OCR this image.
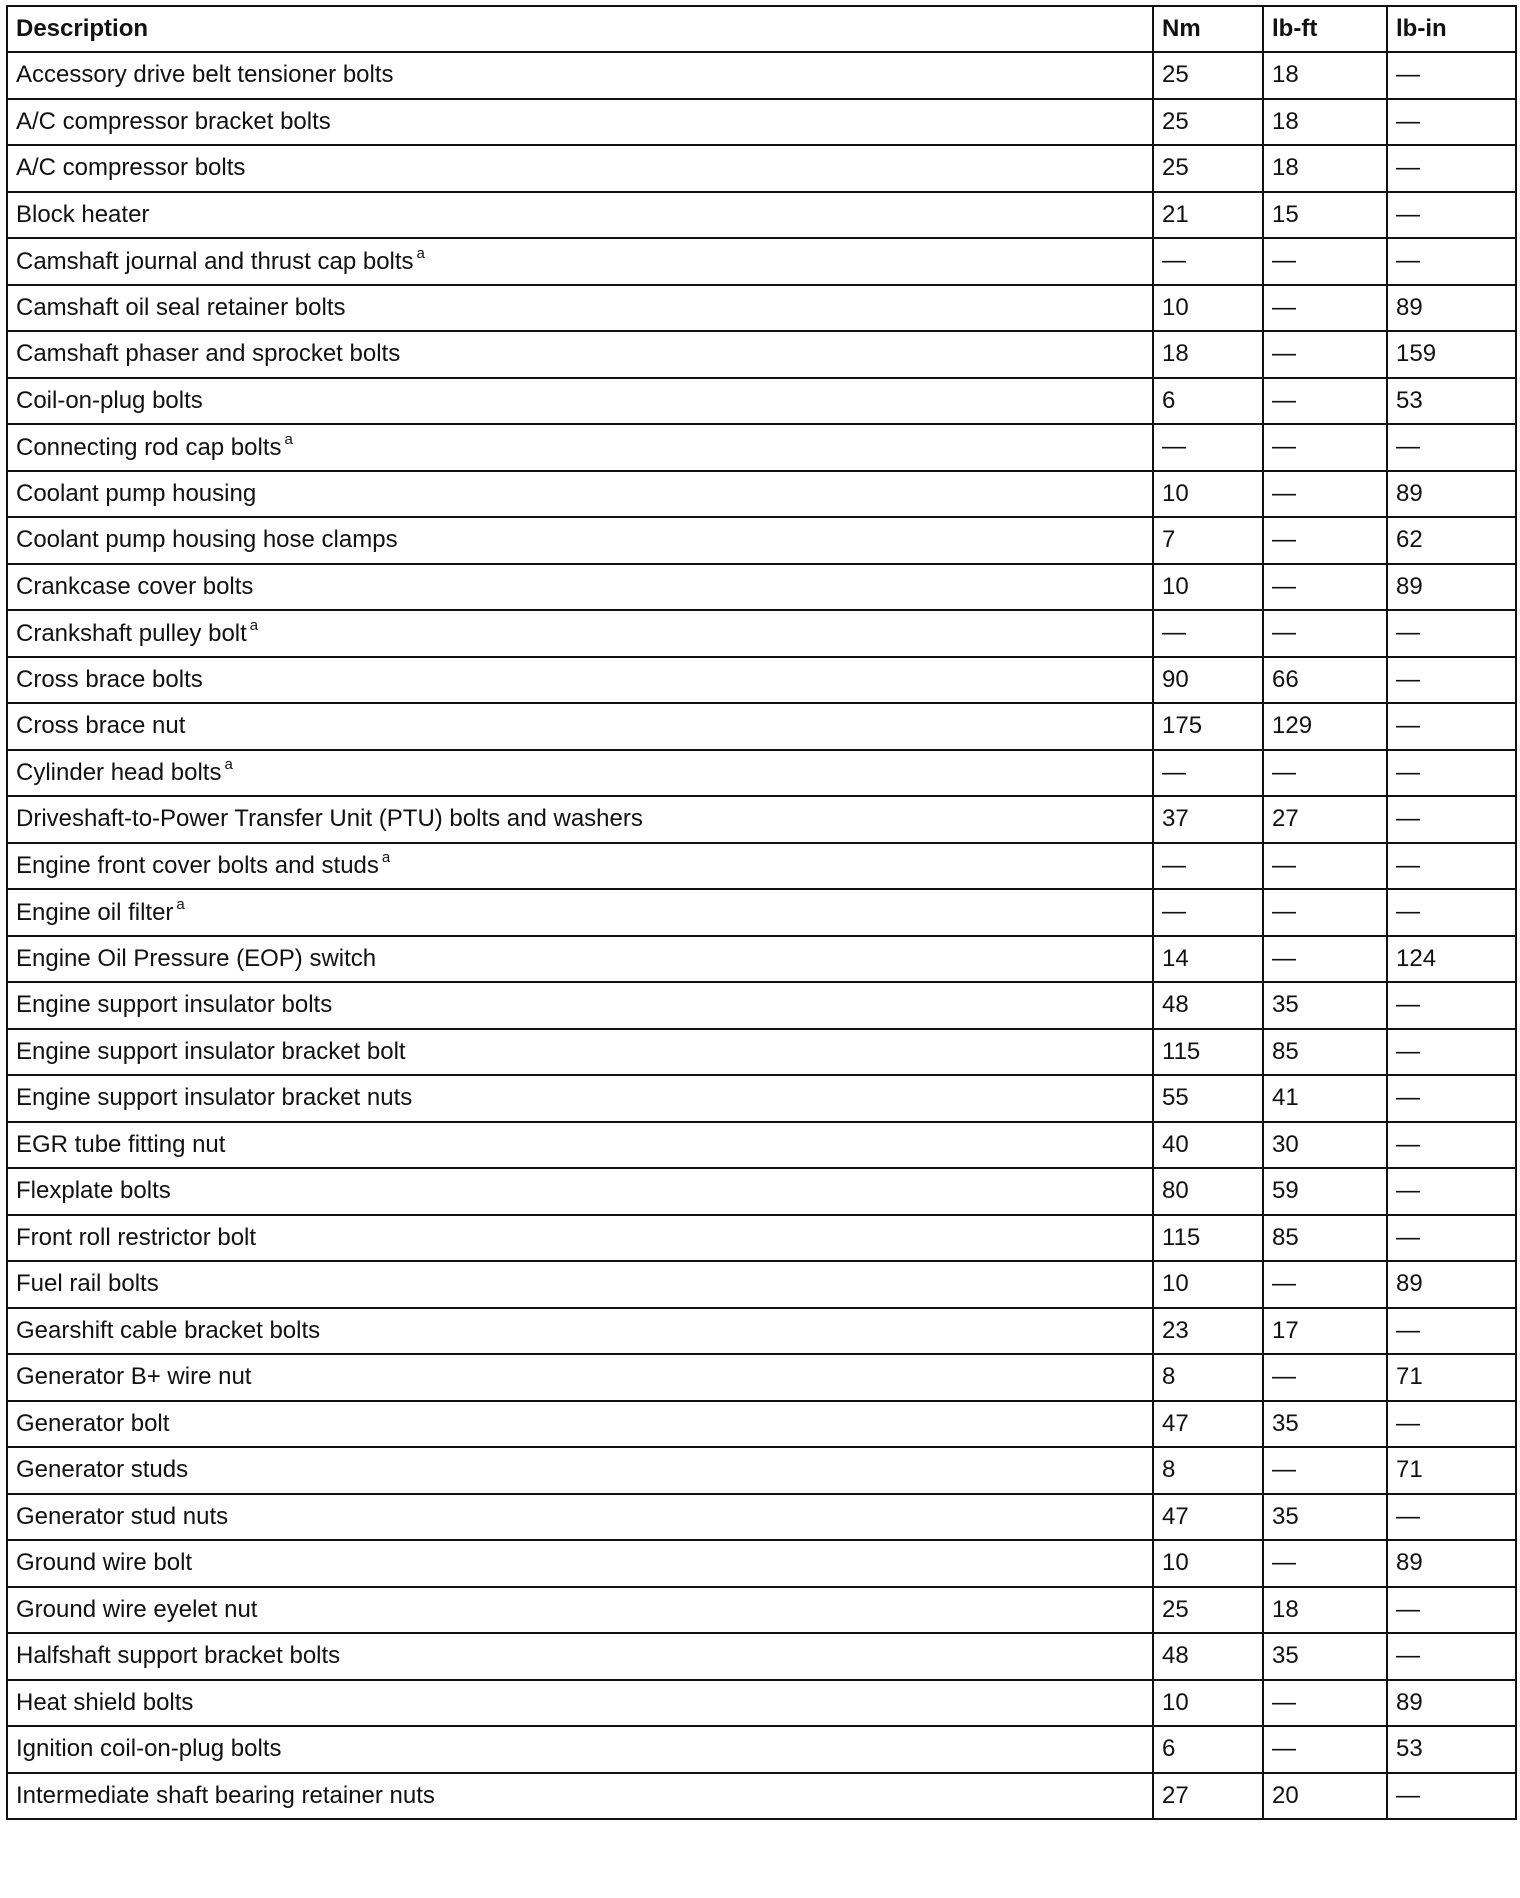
Description	Nm	lb-ft	lb-in
Accessory drive belt tensioner bolts	25	18	—
A/C compressor bracket bolts	25	18	—
A/C compressor bolts	25	18	—
Block heater	21	15	—
Camshaft journal and thrust cap bolts $^a$	—	—	—
Camshaft oil seal retainer bolts	10	—	89
Camshaft phaser and sprocket bolts	18	—	159
Coil-on-plug bolts	6	—	53
Connecting rod cap bolts $^a$	—	—	—
Coolant pump housing	10	—	89
Coolant pump housing hose clamps	7	—	62
Crankcase cover bolts	10	—	89
Crankshaft pulley bolt $^a$	—	—	—
Cross brace bolts	90	66	—
Cross brace nut	175	129	—
Cylinder head bolts $^a$	—	—	—
Driveshaft-to-Power Transfer Unit (PTU) bolts and washers	37	27	—
Engine front cover bolts and studs $^a$	—	—	—
Engine oil filter $^a$	—	—	—
Engine Oil Pressure (EOP) switch	14	—	124
Engine support insulator bolts	48	35	—
Engine support insulator bracket bolt	115	85	—
Engine support insulator bracket nuts	55	41	—
EGR tube fitting nut	40	30	—
Flexplate bolts	80	59	—
Front roll restrictor bolt	115	85	—
Fuel rail bolts	10	—	89
Gearshift cable bracket bolts	23	17	—
Generator B+ wire nut	8	—	71
Generator bolt	47	35	—
Generator studs	8	—	71
Generator stud nuts	47	35	—
Ground wire bolt	10	—	89
Ground wire eyelet nut	25	18	—
Halfshaft support bracket bolts	48	35	—
Heat shield bolts	10	—	89
Ignition coil-on-plug bolts	6	—	53
Intermediate shaft bearing retainer nuts	27	20	—
